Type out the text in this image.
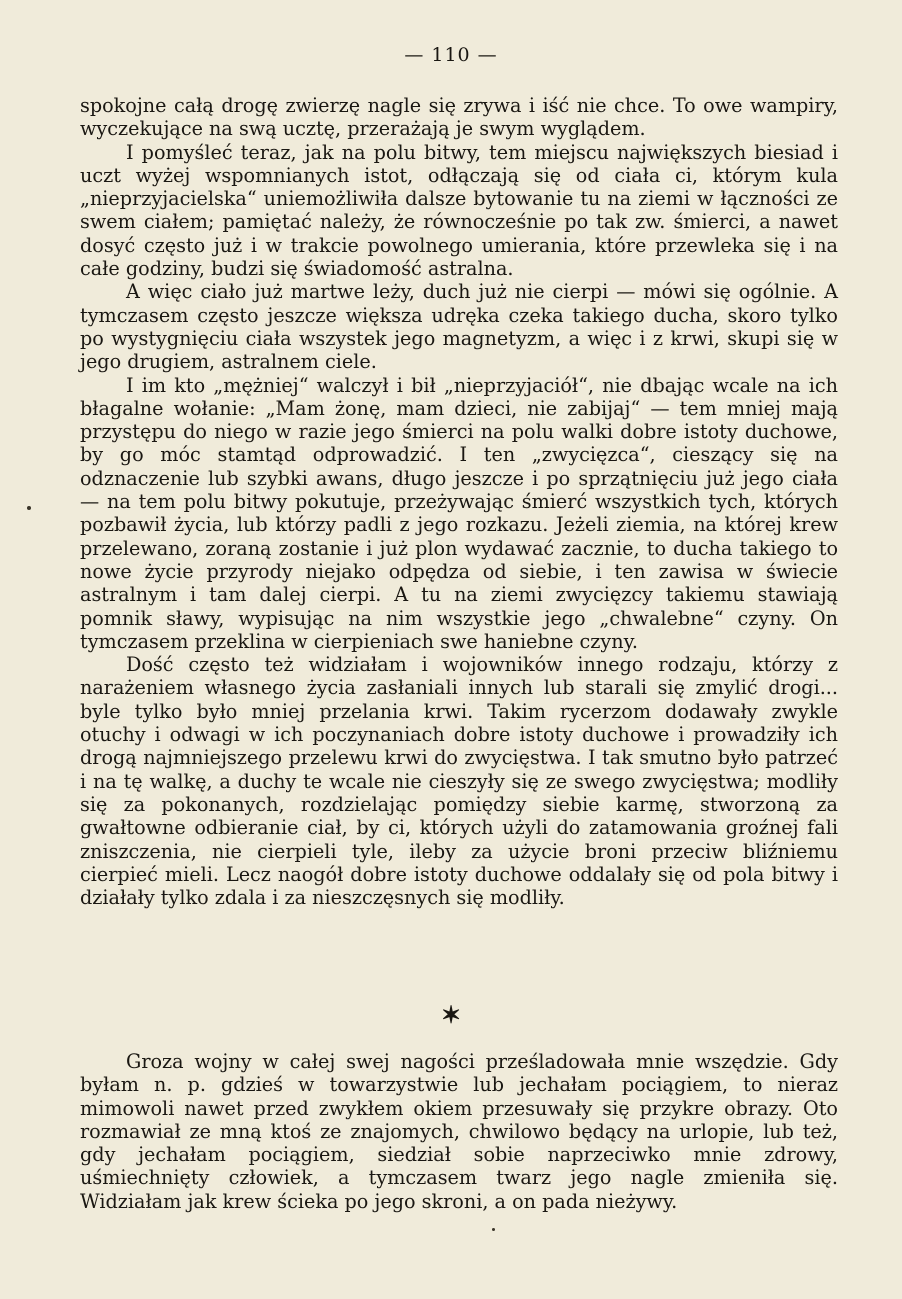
— 110 —

spokojne całą drogę zwierzę nagle się zrywa i iść nie chce. To owe wampiry, wyczekujące na swą ucztę, przerażają je swym wyglądem.

I pomyśleć teraz, jak na polu bitwy, tem miejscu największych biesiad i uczt wyżej wspomnianych istot, odłączają się od ciała ci, którym kula „nieprzyjacielska“ uniemożliwiła dalsze bytowanie tu na ziemi w łączności ze swem ciałem; pamiętać należy, że równocześnie po tak zw. śmierci, a nawet dosyć często już i w trakcie powolnego umierania, które przewleka się i na całe godziny, budzi się świadomość astralna.

A więc ciało już martwe leży, duch już nie cierpi — mówi się ogólnie. A tymczasem często jeszcze większa udręka czeka takiego ducha, skoro tylko po wystygnięciu ciała wszystek jego magnetyzm, a więc i z krwi, skupi się w jego drugiem, astralnem ciele.

I im kto „mężniej“ walczył i bił „nieprzyjaciół“, nie dbając wcale na ich błagalne wołanie: „Mam żonę, mam dzieci, nie zabijaj“ — tem mniej mają przystępu do niego w razie jego śmierci na polu walki dobre istoty duchowe, by go móc stamtąd odprowadzić. I ten „zwycięzca“, cieszący się na odznaczenie lub szybki awans, długo jeszcze i po sprzątnięciu już jego ciała — na tem polu bitwy pokutuje, przeżywając śmierć wszystkich tych, których pozbawił życia, lub którzy padli z jego rozkazu. Jeżeli ziemia, na której krew przelewano, zoraną zostanie i już plon wydawać zacznie, to ducha takiego to nowe życie przyrody niejako odpędza od siebie, i ten zawisa w świecie astralnym i tam dalej cierpi. A tu na ziemi zwycięzcy takiemu stawiają pomnik sławy, wypisując na nim wszystkie jego „chwalebne“ czyny. On tymczasem przeklina w cierpieniach swe haniebne czyny.

Dość często też widziałam i wojowników innego rodzaju, którzy z narażeniem własnego życia zasłaniali innych lub starali się zmylić drogi... byle tylko było mniej przelania krwi. Takim rycerzom dodawały zwykle otuchy i odwagi w ich poczynaniach dobre istoty duchowe i prowadziły ich drogą najmniejszego przelewu krwi do zwycięstwa. I tak smutno było patrzeć i na tę walkę, a duchy te wcale nie cieszyły się ze swego zwycięstwa; modliły się za pokonanych, rozdzielając pomiędzy siebie karmę, stworzoną za gwałtowne odbieranie ciał, by ci, których użyli do zatamowania groźnej fali zniszczenia, nie cierpieli tyle, ileby za użycie broni przeciw bliźniemu cierpieć mieli. Lecz naogół dobre istoty duchowe oddalały się od pola bitwy i działały tylko zdala i za nieszczęsnych się modliły.

✶

Groza wojny w całej swej nagości prześladowała mnie wszędzie. Gdy byłam n. p. gdzieś w towarzystwie lub jechałam pociągiem, to nieraz mimowoli nawet przed zwykłem okiem przesuwały się przykre obrazy. Oto rozmawiał ze mną ktoś ze znajomych, chwilowo będący na urlopie, lub też, gdy jechałam pociągiem, siedział sobie naprzeciwko mnie zdrowy, uśmiechnięty człowiek, a tymczasem twarz jego nagle zmieniła się. Widziałam jak krew ścieka po jego skroni, a on pada nieżywy.
